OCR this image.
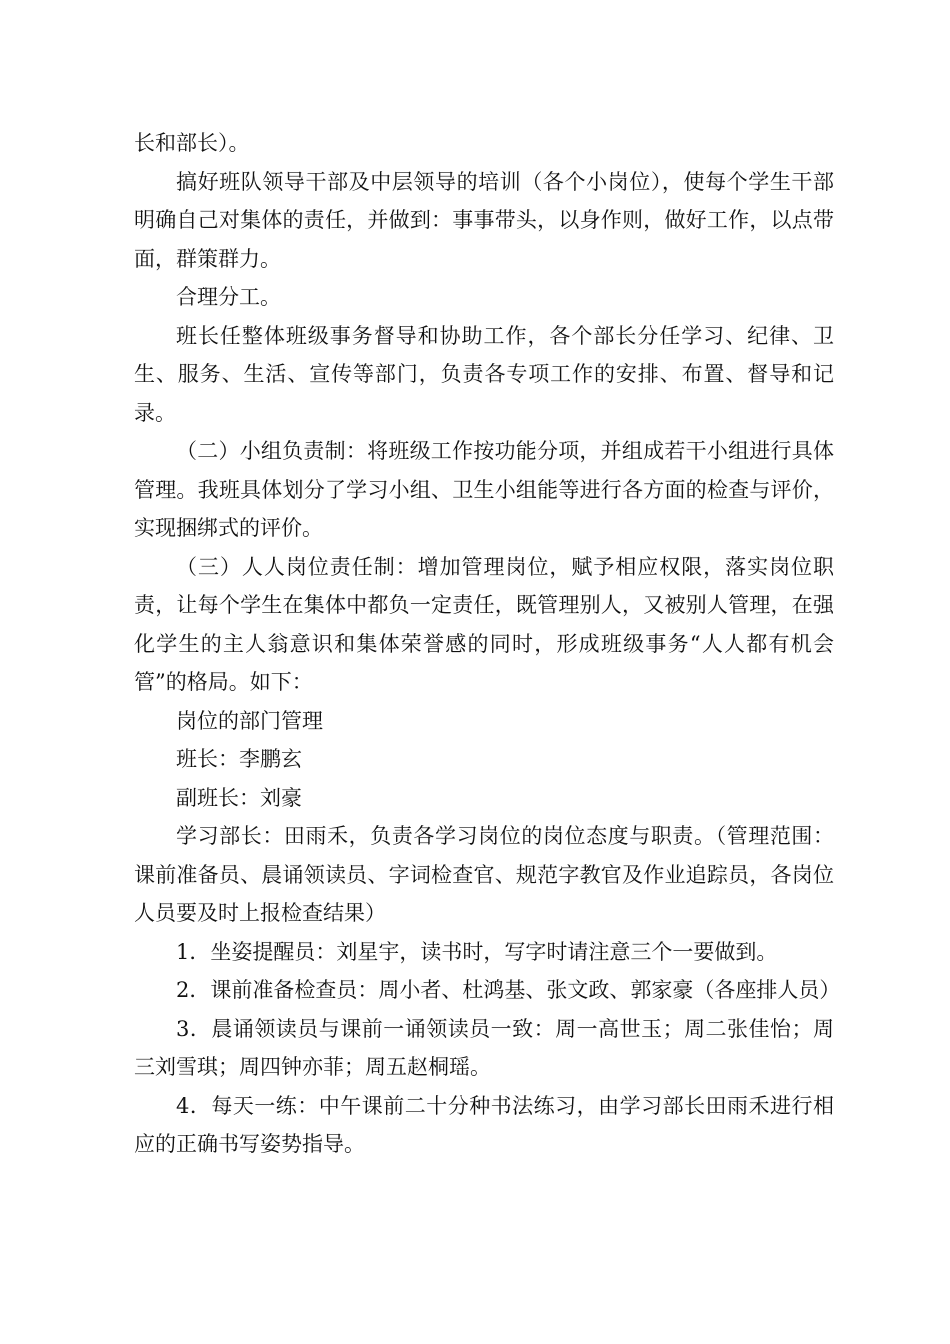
长和部长）。

搞好班队领导干部及中层领导的培训（各个小岗位），使每个学生干部明确自己对集体的责任，并做到：事事带头，以身作则，做好工作，以点带面，群策群力。

合理分工。

班长任整体班级事务督导和协助工作，各个部长分任学习、纪律、卫生、服务、生活、宣传等部门，负责各专项工作的安排、布置、督导和记录。

（二）小组负责制：将班级工作按功能分项，并组成若干小组进行具体管理。我班具体划分了学习小组、卫生小组能等进行各方面的检查与评价，实现捆绑式的评价。

（三）人人岗位责任制：增加管理岗位，赋予相应权限，落实岗位职责，让每个学生在集体中都负一定责任，既管理别人，又被别人管理，在强化学生的主人翁意识和集体荣誉感的同时，形成班级事务“人人都有机会管”的格局。如下：

岗位的部门管理

班长：李鹏玄

副班长：刘豪

学习部长：田雨禾，负责各学习岗位的岗位态度与职责。（管理范围：课前准备员、晨诵领读员、字词检查官、规范字教官及作业追踪员，各岗位人员要及时上报检查结果）

1．坐姿提醒员：刘星宇，读书时，写字时请注意三个一要做到。

2．课前准备检查员：周小者、杜鸿基、张文政、郭家豪（各座排人员）

3．晨诵领读员与课前一诵领读员一致：周一高世玉；周二张佳怡；周三刘雪琪；周四钟亦菲；周五赵桐瑶。

4．每天一练：中午课前二十分种书法练习，由学习部长田雨禾进行相应的正确书写姿势指导。
